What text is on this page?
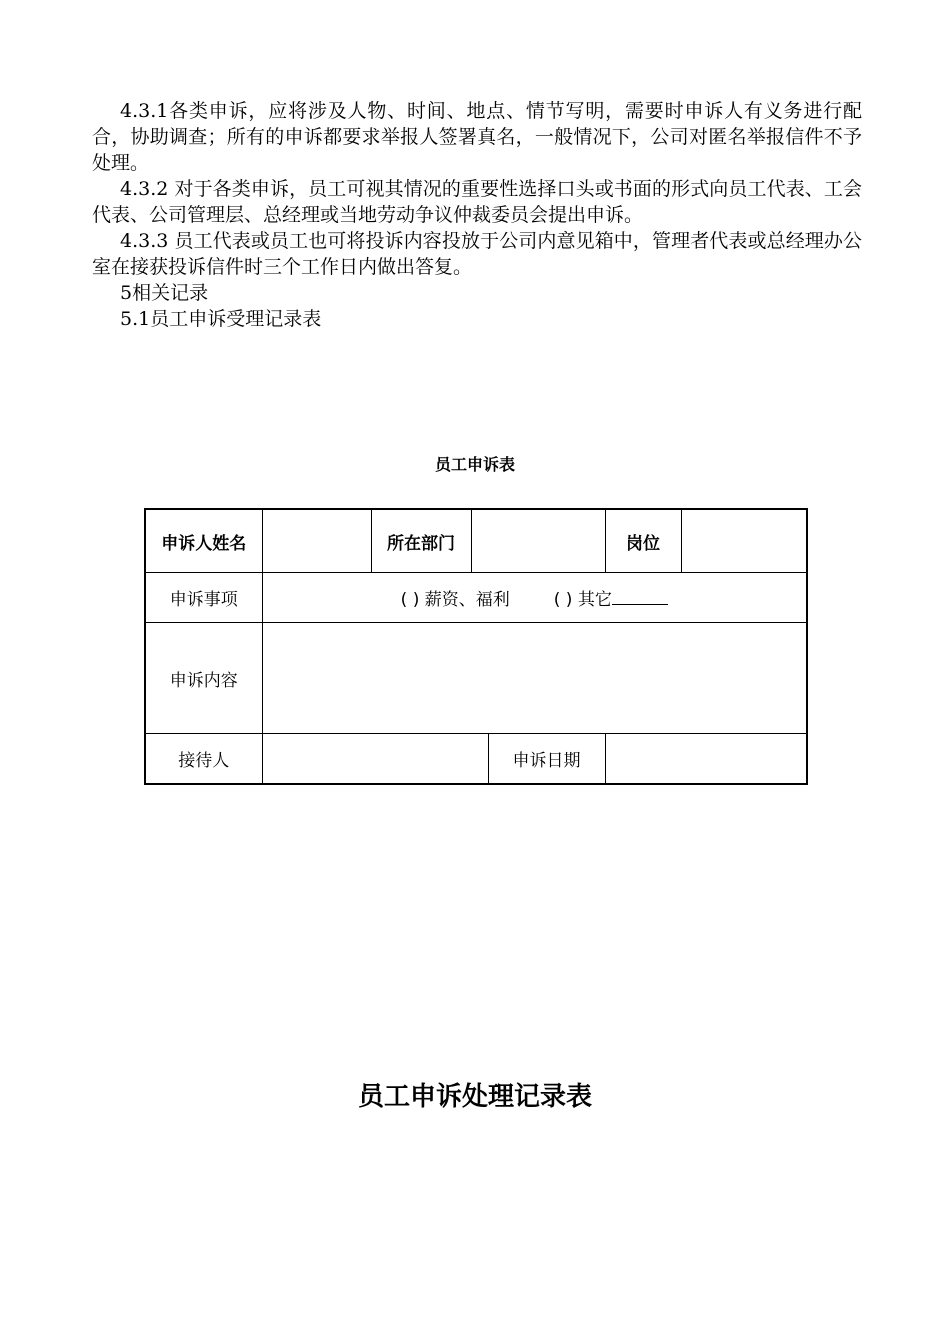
4.3.1各类申诉，应将涉及人物、时间、地点、情节写明，需要时申诉人有义务进行配合，协助调查；所有的申诉都要求举报人签署真名，一般情况下，公司对匿名举报信件不予处理。

4.3.2 对于各类申诉，员工可视其情况的重要性选择口头或书面的形式向员工代表、工会代表、公司管理层、总经理或当地劳动争议仲裁委员会提出申诉。

4.3.3 员工代表或员工也可将投诉内容投放于公司内意见箱中，管理者代表或总经理办公室在接获投诉信件时三个工作日内做出答复。

5相关记录

5.1员工申诉受理记录表

员工申诉表
申诉人姓名		所在部门			岗位	
申诉事项	( ) 薪资、福利 ( ) 其它					
申诉内容						
接待人				申诉日期		
员工申诉处理记录表
